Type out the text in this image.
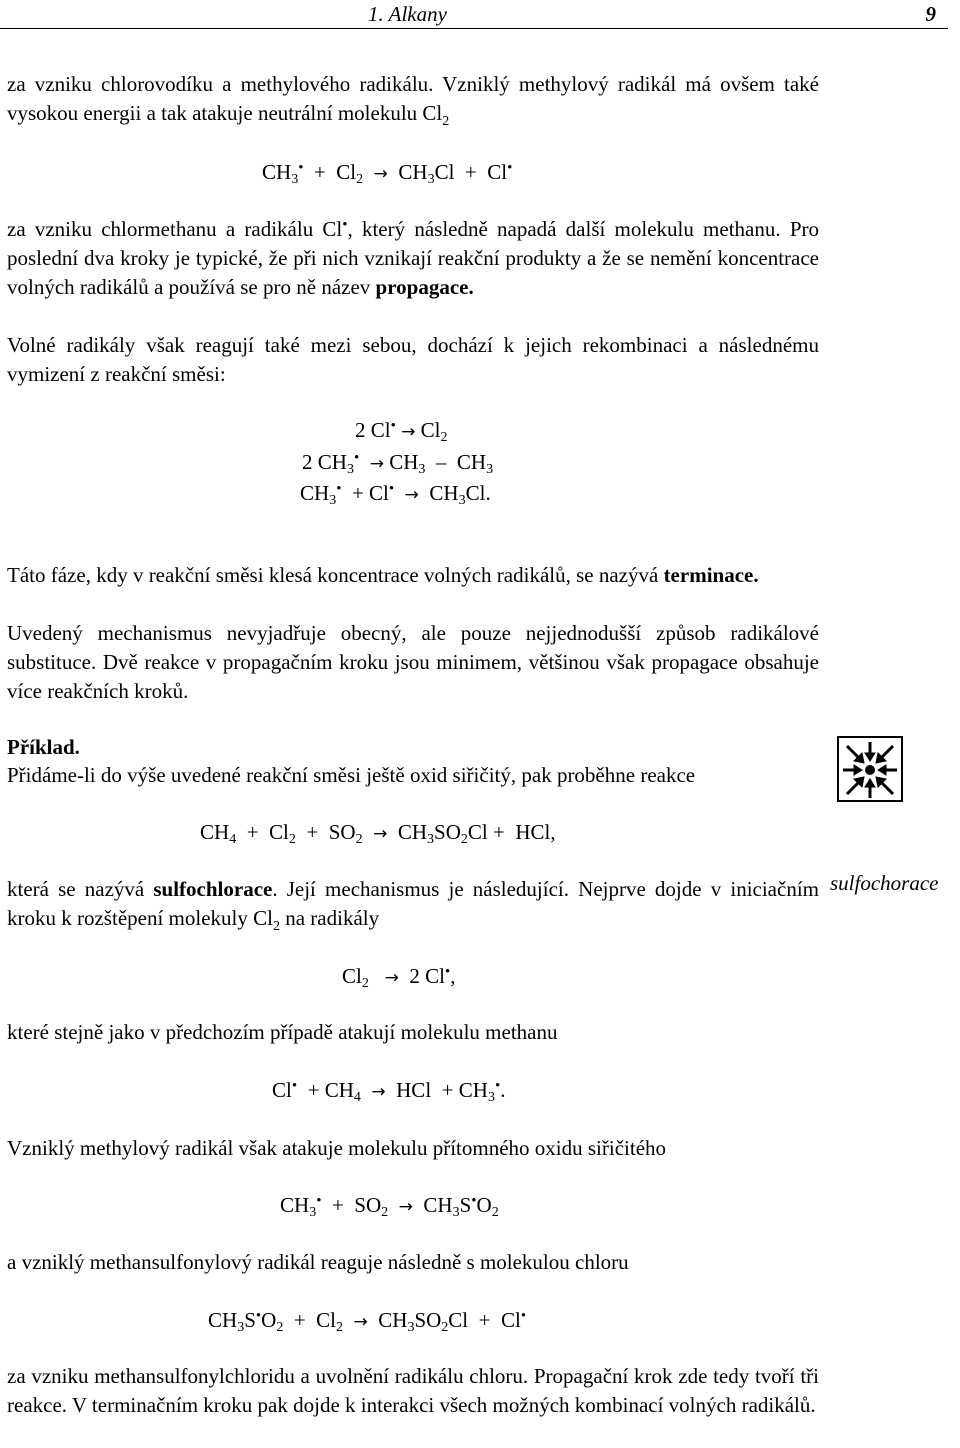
1. Alkany	9
za vzniku chlorovodíku a methylového radikálu. Vzniklý methylový radikál má ovšem také vysokou energii a tak atakuje neutrální molekulu $Cl_2$
$CH_3^• + Cl_2 \to CH_3Cl + Cl^•$
za vzniku chlormethanu a radikálu Cl•, který následně napadá další molekulu methanu. Pro poslední dva kroky je typické, že při nich vznikají reakční produkty a že se nemění koncentrace volných radikálů a používá se pro ně název propagace.
Volné radikály však reagují také mezi sebou, dochází k jejich rekombinaci a následnému vymizení z reakční směsi:
2 $Cl^• \to Cl_2$
2 $CH_3^• \to CH_3 - CH_3$
$CH_3^• + Cl^• \to CH_3Cl$.
Táto fáze, kdy v reakční směsi klesá koncentrace volných radikálů, se nazývá terminace.
Uvedený mechanismus nevyjadřuje obecný, ale pouze nejjednodušší způsob radikálové substituce. Dvě reakce v propagačním kroku jsou minimem, většinou však propagace obsahuje více reakčních kroků.
Příklad.
Přidáme-li do výše uvedené reakční směsi ještě oxid siřičitý, pak proběhne reakce
$CH_4 + Cl_2 + SO_2 \to CH_3SO_2Cl$ + HCl,
která se nazývá sulfochlorace. Její mechanismus je následující. Nejprve dojde v iniciačním kroku k rozštěpení molekuly $Cl_2$ na radikály
sulfochorace
$Cl_2 \to 2$ Cl•,
které stejně jako v předchozím případě atakují molekulu methanu
$Cl^• + CH_4$ → HCl + $CH_3^•$.
Vzniklý methylový radikál však atakuje molekulu přítomného oxidu siřičitého
$CH_3^• + SO_2 \to CH_3S^•O_2$
a vzniklý methansulfonylový radikál reaguje následně s molekulou chloru
$CH_3S^•O_2 + Cl_2 \to CH_3SO_2Cl + Cl^•$
za vzniku methansulfonylchloridu a uvolnění radikálu chloru. Propagační krok zde tedy tvoří tři reakce. V terminačním kroku pak dojde k interakci všech možných kombinací volných radikálů.
